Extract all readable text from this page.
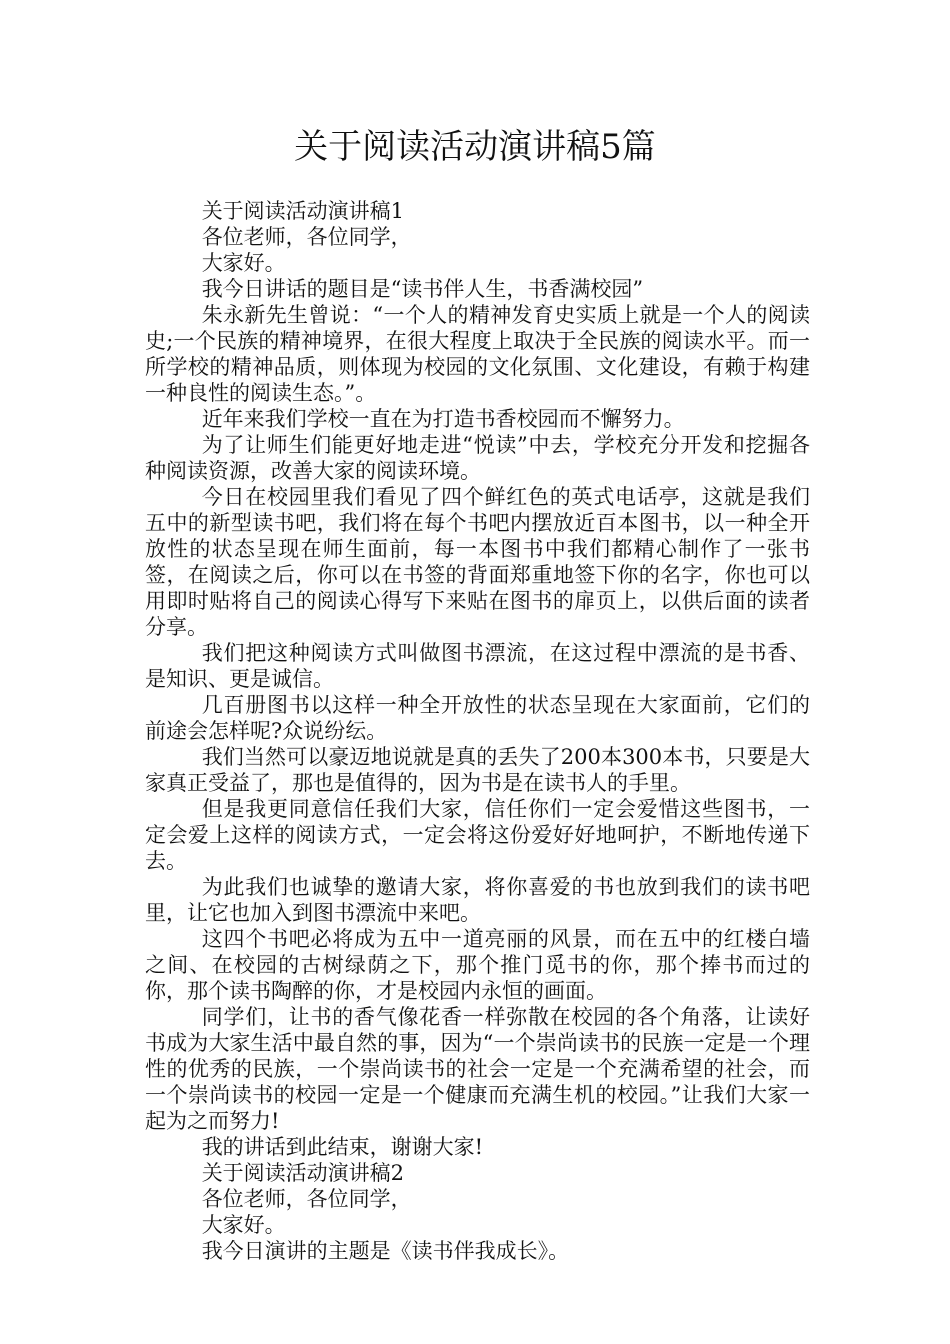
关于阅读活动演讲稿5篇

关于阅读活动演讲稿1

各位老师，各位同学，

大家好。

我今日讲话的题目是“读书伴人生，书香满校园”

朱永新先生曾说：“一个人的精神发育史实质上就是一个人的阅读史;一个民族的精神境界，在很大程度上取决于全民族的阅读水平。而一所学校的精神品质，则体现为校园的文化氛围、文化建设，有赖于构建一种良性的阅读生态。”。

近年来我们学校一直在为打造书香校园而不懈努力。

为了让师生们能更好地走进“悦读”中去，学校充分开发和挖掘各种阅读资源，改善大家的阅读环境。

今日在校园里我们看见了四个鲜红色的英式电话亭，这就是我们五中的新型读书吧，我们将在每个书吧内摆放近百本图书，以一种全开放性的状态呈现在师生面前，每一本图书中我们都精心制作了一张书签，在阅读之后，你可以在书签的背面郑重地签下你的名字，你也可以用即时贴将自己的阅读心得写下来贴在图书的扉页上，以供后面的读者分享。

我们把这种阅读方式叫做图书漂流，在这过程中漂流的是书香、是知识、更是诚信。

几百册图书以这样一种全开放性的状态呈现在大家面前，它们的前途会怎样呢?众说纷纭。

我们当然可以豪迈地说就是真的丢失了200本300本书，只要是大家真正受益了，那也是值得的，因为书是在读书人的手里。

但是我更同意信任我们大家，信任你们一定会爱惜这些图书，一定会爱上这样的阅读方式，一定会将这份爱好好地呵护，不断地传递下去。

为此我们也诚挚的邀请大家，将你喜爱的书也放到我们的读书吧里，让它也加入到图书漂流中来吧。

这四个书吧必将成为五中一道亮丽的风景，而在五中的红楼白墙之间、在校园的古树绿荫之下，那个推门觅书的你，那个捧书而过的你，那个读书陶醉的你，才是校园内永恒的画面。

同学们，让书的香气像花香一样弥散在校园的各个角落，让读好书成为大家生活中最自然的事，因为“一个崇尚读书的民族一定是一个理性的优秀的民族，一个崇尚读书的社会一定是一个充满希望的社会，而一个崇尚读书的校园一定是一个健康而充满生机的校园。”让我们大家一起为之而努力!

我的讲话到此结束，谢谢大家!

关于阅读活动演讲稿2

各位老师，各位同学，

大家好。

我今日演讲的主题是《读书伴我成长》。
